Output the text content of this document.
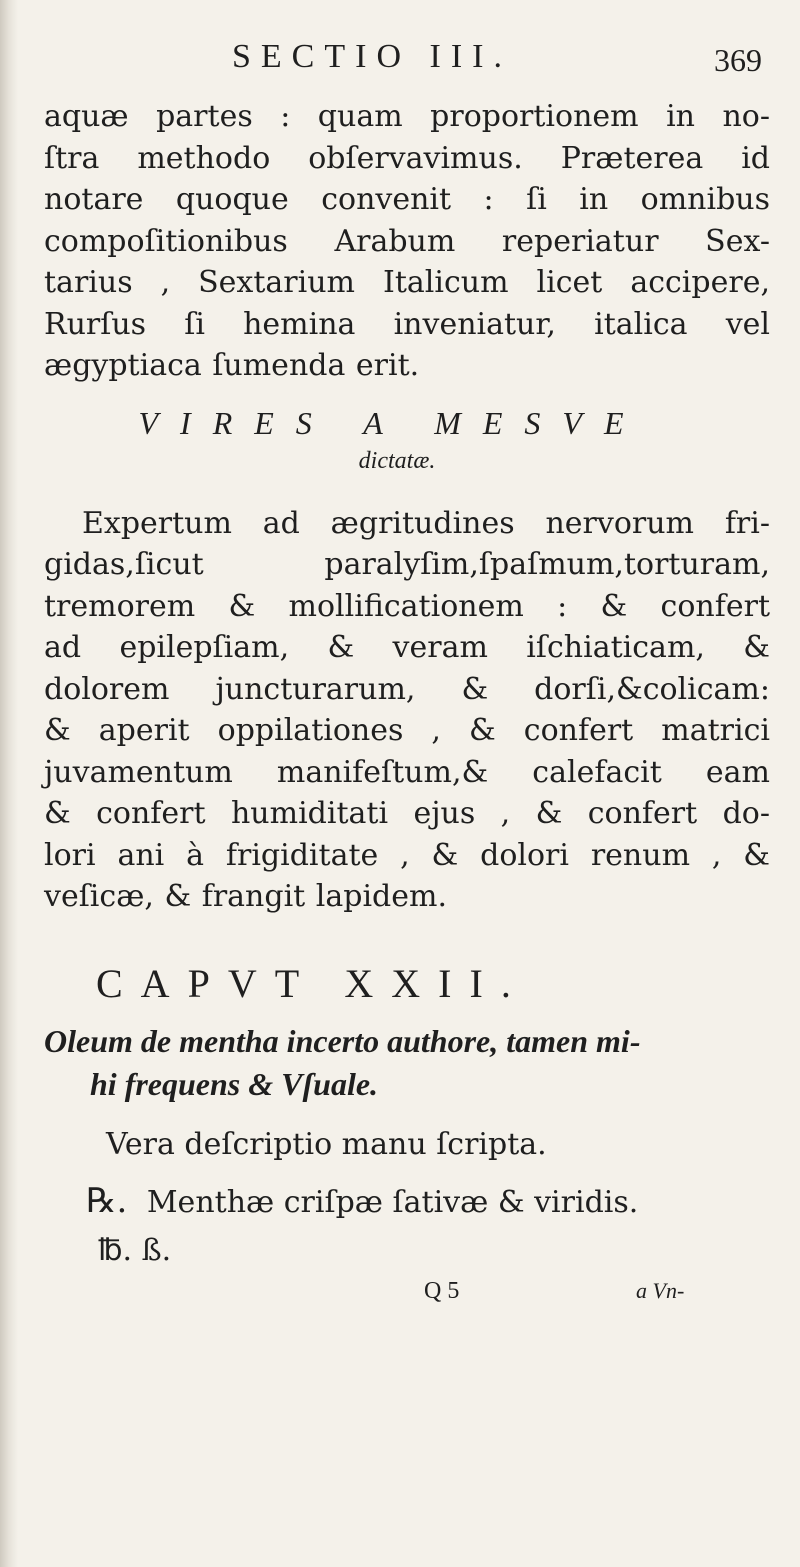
SECTIO III.	369

aquæ partes : quam proportionem in no-
ſtra methodo obſervavimus. Præterea id
notare quoque convenit : ſi in omnibus
compoſitionibus Arabum reperiatur Sex-
tarius , Sextarium Italicum licet accipere,
Rurſus ſi hemina inveniatur, italica vel
ægyptiaca ſumenda erit.

VIRES A MESVE
dictatæ.

Expertum ad ægritudines nervorum fri-
gidas,ſicut paralyſim,ſpaſmum,torturam,
tremorem & mollificationem : & confert
ad epilepſiam, & veram iſchiaticam, &
dolorem juncturarum, & dorſi,&colicam:
& aperit oppilationes , & confert matrici
juvamentum manifeſtum,& calefacit eam
& confert humiditati ejus , & confert do-
lori ani à frigiditate , & dolori renum , &
veſicæ, & frangit lapidem.

CAPVT XXII.
Oleum de mentha incerto authore, tamen mi-
hi frequens & Vſuale.
Vera deſcriptio manu ſcripta.
℞. Menthæ criſpæ ſativæ & viridis.
℔. ß.
Q 5	a Vn-
